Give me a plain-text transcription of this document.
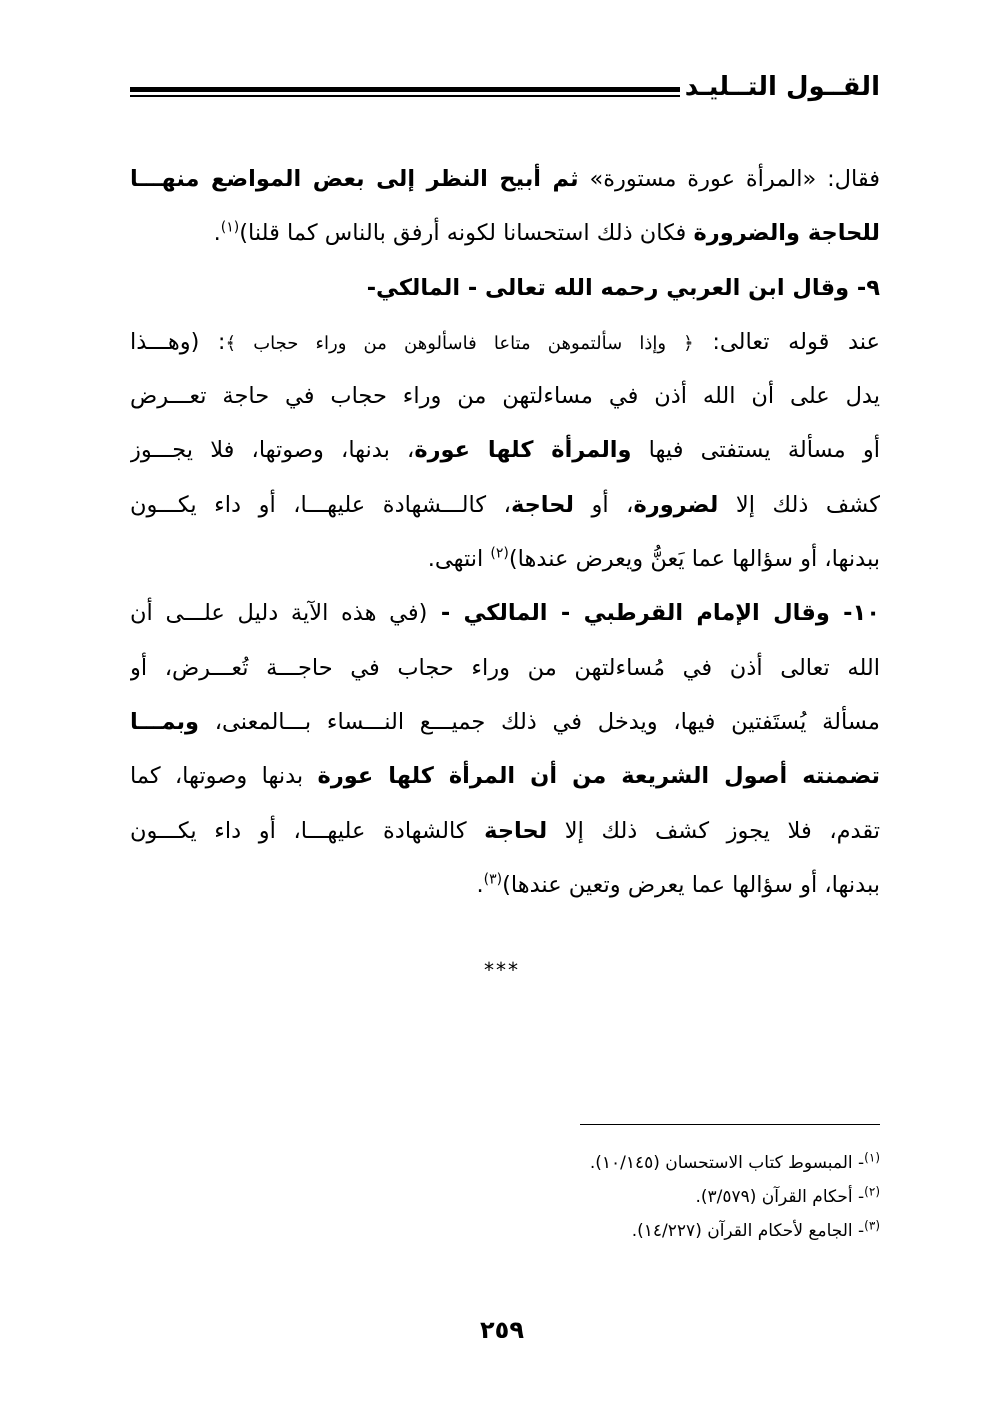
القــول التــليـد
فقال: «المرأة عورة مستورة» ثم أبيح النظر إلى بعض المواضع منهـــا
للحاجة والضرورة فكان ذلك استحسانا لكونه أرفق بالناس كما قلنا)$^{(١)}$.
٩- وقال ابن العربي رحمه الله تعالى - المالكي-
عند قوله تعالى: ﴿ وإذا سألتموهن متاعا فاسألوهن من وراء حجاب ﴾: (وهـــذا
يدل على أن الله أذن في مساءلتهن من وراء حجاب في حاجة تعـــرض
أو مسألة يستفتى فيها والمرأة كلها عورة، بدنها، وصوتها، فلا يجـــوز
كشف ذلك إلا لضرورة، أو لحاجة، كالـــشهادة عليهـــا، أو داء يكـــون
ببدنها، أو سؤالها عما يَعنُّ ويعرض عندها)$^{(٢)}$ انتهى.
١٠- وقال الإمام القرطبي - المالكي - (في هذه الآية دليل علـــى أن
الله تعالى أذن في مُساءلتهن من وراء حجاب في حاجـــة تُعـــرض، أو
مسألة يُستَفتين فيها، ويدخل في ذلك جميـــع النـــساء بـــالمعنى، وبمـــا
تضمنته أصول الشريعة من أن المرأة كلها عورة بدنها وصوتها، كما
تقدم، فلا يجوز كشف ذلك إلا لحاجة كالشهادة عليهـــا، أو داء يكـــون
ببدنها، أو سؤالها عما يعرض وتعين عندها)$^{(٣)}$.
***
$^{(١)}$- المبسوط كتاب الاستحسان (١٠/١٤٥).
$^{(٢)}$- أحكام القرآن (٣/٥٧٩).
$^{(٣)}$- الجامع لأحكام القرآن (١٤/٢٢٧).
٢٥٩
